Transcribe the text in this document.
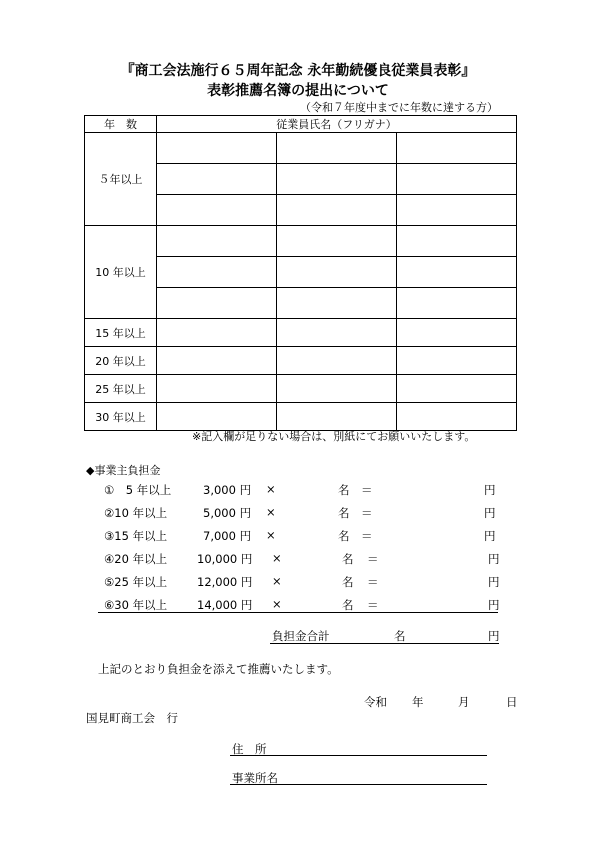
『商工会法施行６５周年記念 永年勤続優良従業員表彰』
表彰推薦名簿の提出について
（令和７年度中までに年数に達する方）
年　数	従業員氏名（フリガナ）		
５年以上			

10 年以上			

15 年以上			
20 年以上			
25 年以上			
30 年以上			
※記入欄が足りない場合は、別紙にてお願いいたします。
◆事業主負担金
①　5 年以上	3,000 円 ×	名 ＝	円
②10 年以上	5,000 円 ×	名 ＝	円
③15 年以上	7,000 円 ×	名 ＝	円
④20 年以上	10,000 円 ×	名 ＝	円
⑤25 年以上	12,000 円 ×	名 ＝	円
⑥30 年以上	14,000 円 ×	名 ＝	円
負担金合計	名	円
上記のとおり負担金を添えて推薦いたします。
令和 年	月	日
国見町商工会　行
住　所
事業所名
